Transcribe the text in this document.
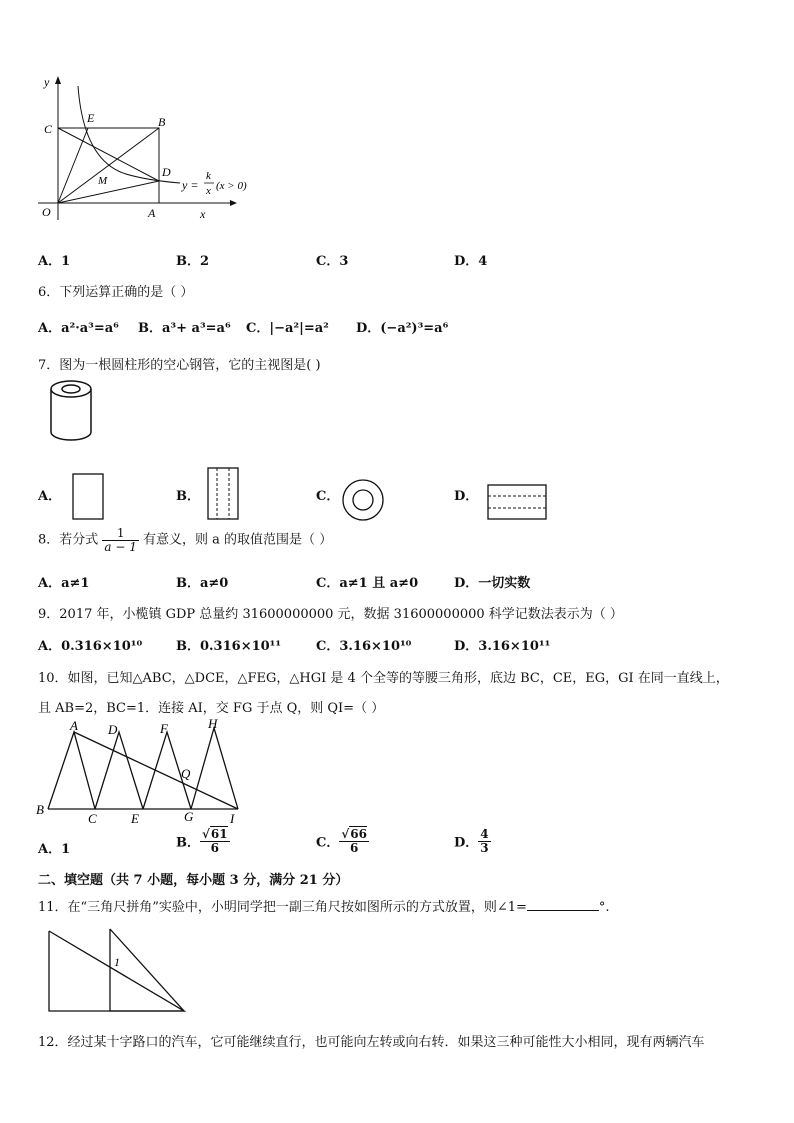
y
x
O
C
E	B
D
M
A
y =
k
x (x > 0)
A．1	B．2	C．3	D．4
6．下列运算正确的是（ ）
A．a²·a³=a⁶ B．a³+ a³=a⁶ C．|−a²|=a² D．(−a²)³=a⁶
7．图为一根圆柱形的空心钢管，它的主视图是( )
A．	B．	C．	D．
8．若分式 $\frac{1}{a - 1}$ 有意义，则 a 的取值范围是（ ）
A．a≠1	B．a≠0	C．a≠1 且 a≠0	D．一切实数
9．2017 年，小榄镇 GDP 总量约 31600000000 元，数据 31600000000 科学记数法表示为（ ）
A．0.316×10¹⁰	B．0.316×10¹¹	C．3.16×10¹⁰	D．3.16×10¹¹
10．如图，已知△ABC，△DCE，△FEG，△HGI 是 4 个全等的等腰三角形，底边 BC，CE，EG，GI 在同一直线上，
且 AB=2，BC=1．连接 AI，交 FG 于点 Q，则 QI=（ ）
A D	F	H
Q
B
C	E	G	I
A．1	B． $\frac{√61}{6}$	C． $\frac{√66}{6}$	D． $\frac{4}{3}$
二、填空题（共 7 小题，每小题 3 分，满分 21 分）
11．在“三角尺拼角”实验中，小明同学把一副三角尺按如图所示的方式放置，则∠1=	°.
1
12．经过某十字路口的汽车，它可能继续直行，也可能向左转或向右转．如果这三种可能性大小相同，现有两辆汽车
